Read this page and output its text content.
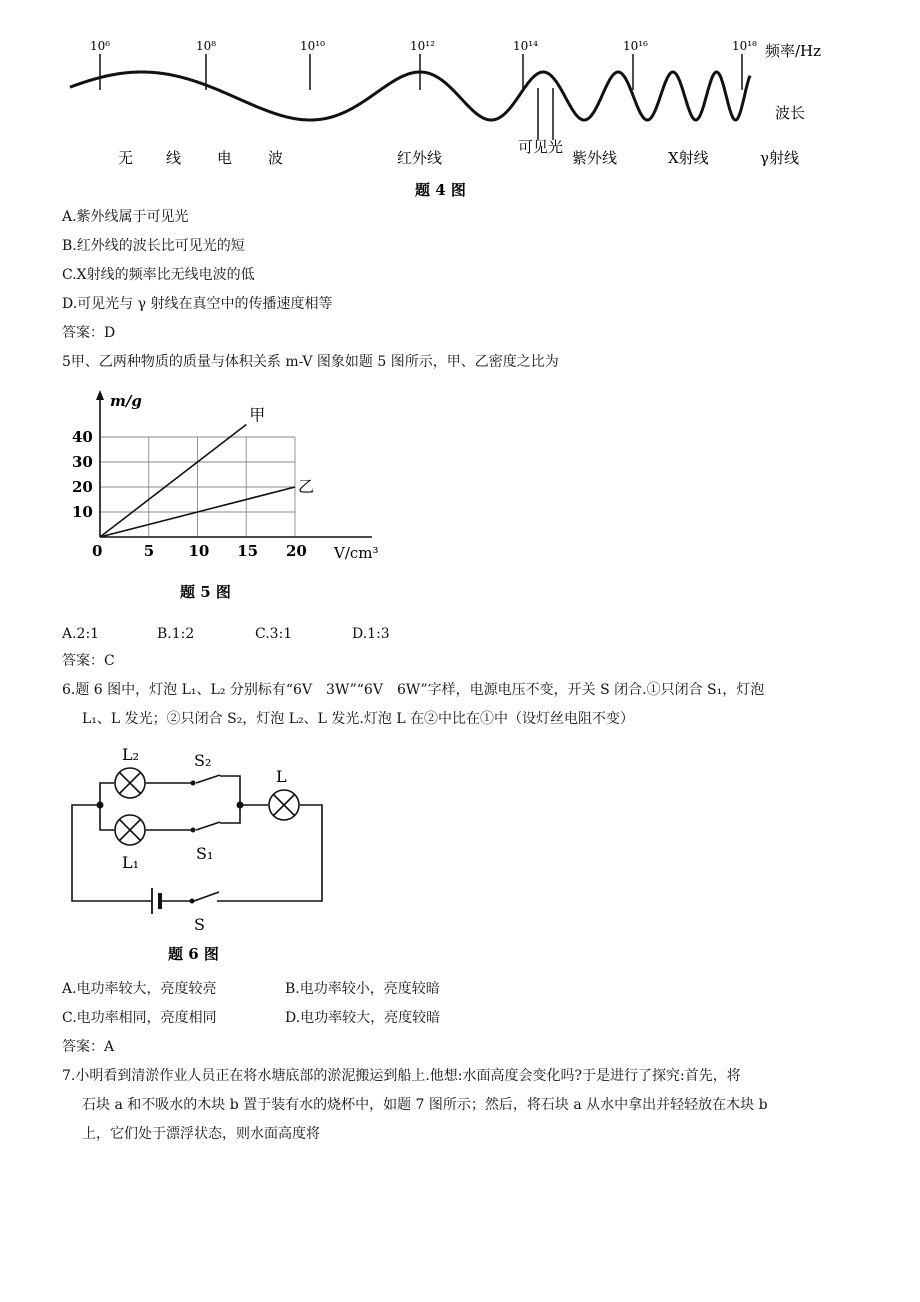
10⁶	10⁸	10¹⁰	10¹²	10¹⁴	10¹⁶	10¹⁸ 频率/Hz
波长
无 线 电 波	红外线
可见光
紫外线	X射线	γ射线
题 4 图
A.紫外线属于可见光
B.红外线的波长比可见光的短
C.X射线的频率比无线电波的低
D.可见光与 γ 射线在真空中的传播速度相等
答案：D
5甲、乙两种物质的质量与体积关系 m-V 图象如题 5 图所示，甲、乙密度之比为
5 10 15 20
10
20
30
40
甲
乙
m/g
V/cm³
0
题 5 图
A.2:1	B.1:2	C.3:1	D.1:3
答案：C
6.题 6 图中，灯泡 L₁、L₂ 分别标有“6V　3W”“6V　6W”字样，电源电压不变，开关 S 闭合.①只闭合 S₁，灯泡
L₁、L 发光；②只闭合 S₂，灯泡 L₂、L 发光.灯泡 L 在②中比在①中（设灯丝电阻不变）
L₂	S₂
L
L₁	S₁
S
题 6 图
A.电功率较大，亮度较亮	B.电功率较小，亮度较暗
C.电功率相同，亮度相同	D.电功率较大，亮度较暗
答案：A
7.小明看到清淤作业人员正在将水塘底部的淤泥搬运到船上.他想:水面高度会变化吗?于是进行了探究:首先，将
石块 a 和不吸水的木块 b 置于装有水的烧杯中，如题 7 图所示；然后，将石块 a 从水中拿出并轻轻放在木块 b
上，它们处于漂浮状态，则水面高度将
